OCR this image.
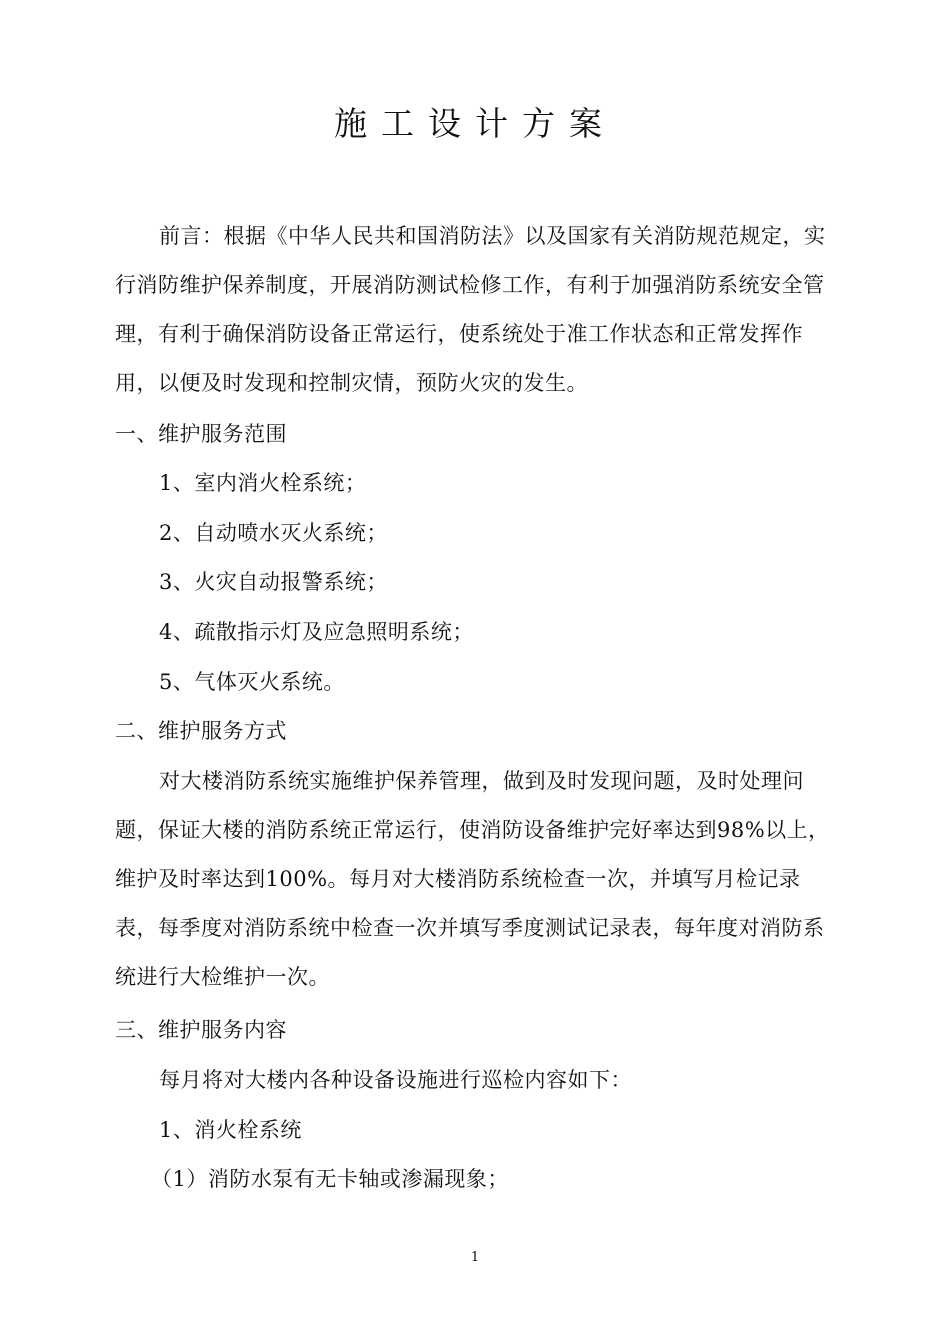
施工设计方案
前言：根据《中华人民共和国消防法》以及国家有关消防规范规定，实行消防维护保养制度，开展消防测试检修工作，有利于加强消防系统安全管理，有利于确保消防设备正常运行，使系统处于准工作状态和正常发挥作用，以便及时发现和控制灾情，预防火灾的发生。
一、维护服务范围
1、室内消火栓系统；
2、自动喷水灭火系统；
3、火灾自动报警系统；
4、疏散指示灯及应急照明系统；
5、气体灭火系统。
二、维护服务方式
对大楼消防系统实施维护保养管理，做到及时发现问题，及时处理问题，保证大楼的消防系统正常运行，使消防设备维护完好率达到98%以上，维护及时率达到100%。每月对大楼消防系统检查一次，并填写月检记录表，每季度对消防系统中检查一次并填写季度测试记录表，每年度对消防系统进行大检维护一次。
三、维护服务内容
每月将对大楼内各种设备设施进行巡检内容如下：
1、消火栓系统
（1）消防水泵有无卡轴或渗漏现象；
1
